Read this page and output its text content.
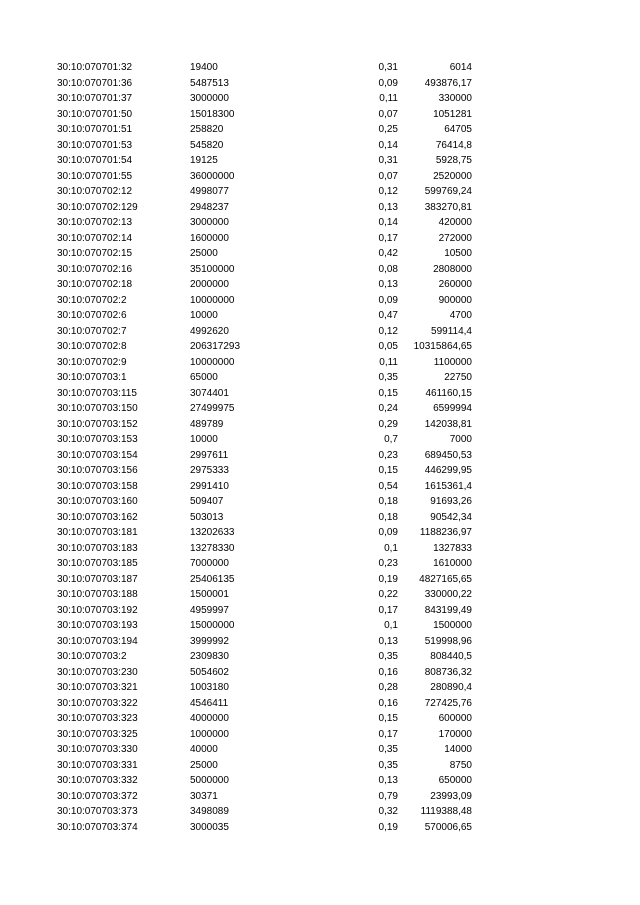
30:10:070701:32	19400	0,31	6014
30:10:070701:36	5487513	0,09	493876,17
30:10:070701:37	3000000	0,11	330000
30:10:070701:50	15018300	0,07	1051281
30:10:070701:51	258820	0,25	64705
30:10:070701:53	545820	0,14	76414,8
30:10:070701:54	19125	0,31	5928,75
30:10:070701:55	36000000	0,07	2520000
30:10:070702:12	4998077	0,12	599769,24
30:10:070702:129	2948237	0,13	383270,81
30:10:070702:13	3000000	0,14	420000
30:10:070702:14	1600000	0,17	272000
30:10:070702:15	25000	0,42	10500
30:10:070702:16	35100000	0,08	2808000
30:10:070702:18	2000000	0,13	260000
30:10:070702:2	10000000	0,09	900000
30:10:070702:6	10000	0,47	4700
30:10:070702:7	4992620	0,12	599114,4
30:10:070702:8	206317293	0,05 10315864,65
30:10:070702:9	10000000	0,11	1100000
30:10:070703:1	65000	0,35	22750
30:10:070703:115	3074401	0,15	461160,15
30:10:070703:150	27499975	0,24	6599994
30:10:070703:152	489789	0,29	142038,81
30:10:070703:153	10000	0,7	7000
30:10:070703:154	2997611	0,23	689450,53
30:10:070703:156	2975333	0,15	446299,95
30:10:070703:158	2991410	0,54	1615361,4
30:10:070703:160	509407	0,18	91693,26
30:10:070703:162	503013	0,18	90542,34
30:10:070703:181	13202633	0,09 1188236,97
30:10:070703:183	13278330	0,1	1327833
30:10:070703:185	7000000	0,23	1610000
30:10:070703:187	25406135	0,19 4827165,65
30:10:070703:188	1500001	0,22	330000,22
30:10:070703:192	4959997	0,17	843199,49
30:10:070703:193	15000000	0,1	1500000
30:10:070703:194	3999992	0,13	519998,96
30:10:070703:2	2309830	0,35	808440,5
30:10:070703:230	5054602	0,16	808736,32
30:10:070703:321	1003180	0,28	280890,4
30:10:070703:322	4546411	0,16	727425,76
30:10:070703:323	4000000	0,15	600000
30:10:070703:325	1000000	0,17	170000
30:10:070703:330	40000	0,35	14000
30:10:070703:331	25000	0,35	8750
30:10:070703:332	5000000	0,13	650000
30:10:070703:372	30371	0,79	23993,09
30:10:070703:373	3498089	0,32 1119388,48
30:10:070703:374	3000035	0,19	570006,65
